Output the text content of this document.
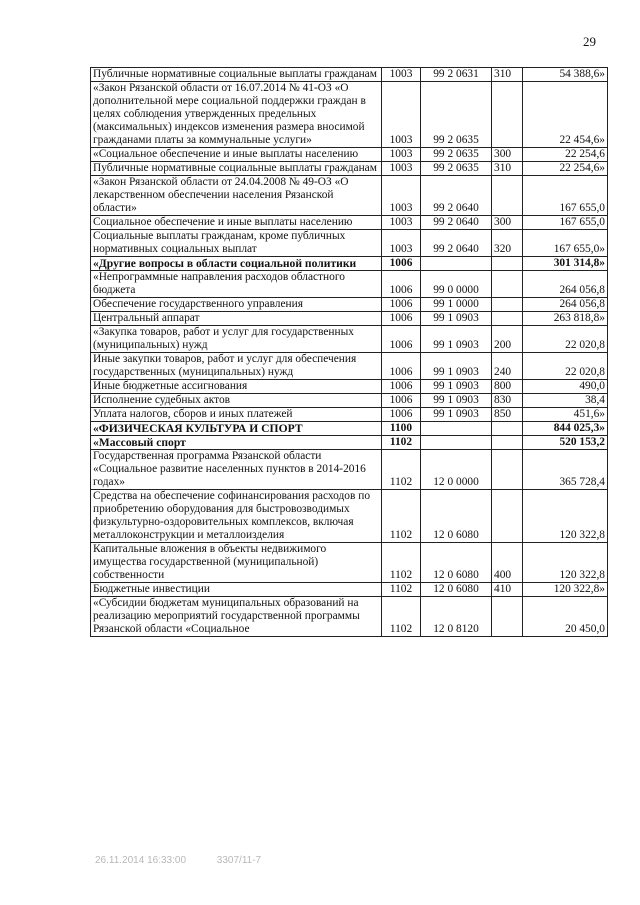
29
Публичные нормативные социальные выплаты гражданам	1003	99 2 0631	310	54 388,6»
«Закон Рязанской области от 16.07.2014 № 41-ОЗ «О дополнительной мере социальной поддержки граждан в целях соблюдения утвержденных предельных (максимальных) индексов изменения размера вносимой гражданами платы за коммунальные услуги»	1003	99 2 0635		22 454,6»
«Социальное обеспечение и иные выплаты населению	1003	99 2 0635	300	22 254,6
Публичные нормативные социальные выплаты гражданам	1003	99 2 0635	310	22 254,6»
«Закон Рязанской области от 24.04.2008 № 49-ОЗ «О лекарственном обеспечении населения Рязанской области»	1003	99 2 0640		167 655,0
Социальное обеспечение и иные выплаты населению	1003	99 2 0640	300	167 655,0
Социальные выплаты гражданам, кроме публичных нормативных социальных выплат	1003	99 2 0640	320	167 655,0»
«Другие вопросы в области социальной политики	1006			301 314,8»
«Непрограммные направления расходов областного бюджета	1006	99 0 0000		264 056,8
Обеспечение государственного управления	1006	99 1 0000		264 056,8
Центральный аппарат	1006	99 1 0903		263 818,8»
«Закупка товаров, работ и услуг для государственных (муниципальных) нужд	1006	99 1 0903	200	22 020,8
Иные закупки товаров, работ и услуг для обеспечения государственных (муниципальных) нужд	1006	99 1 0903	240	22 020,8
Иные бюджетные ассигнования	1006	99 1 0903	800	490,0
Исполнение судебных актов	1006	99 1 0903	830	38,4
Уплата налогов, сборов и иных платежей	1006	99 1 0903	850	451,6»
«ФИЗИЧЕСКАЯ КУЛЬТУРА И СПОРТ	1100			844 025,3»
«Массовый спорт	1102			520 153,2
Государственная программа Рязанской области «Социальное развитие населенных пунктов в 2014-2016 годах»	1102	12 0 0000		365 728,4
Средства на обеспечение софинансирования расходов по приобретению оборудования для быстровозводимых физкультурно-оздоровительных комплексов, включая металлоконструкции и металлоизделия	1102	12 0 6080		120 322,8
Капитальные вложения в объекты недвижимого имущества государственной (муниципальной) собственности	1102	12 0 6080	400	120 322,8
Бюджетные инвестиции	1102	12 0 6080	410	120 322,8»
«Субсидии бюджетам муниципальных образований на реализацию мероприятий государственной программы Рязанской области «Социальное	1102	12 0 8120		20 450,0
26.11.2014 16:33:00	3307/11-7
